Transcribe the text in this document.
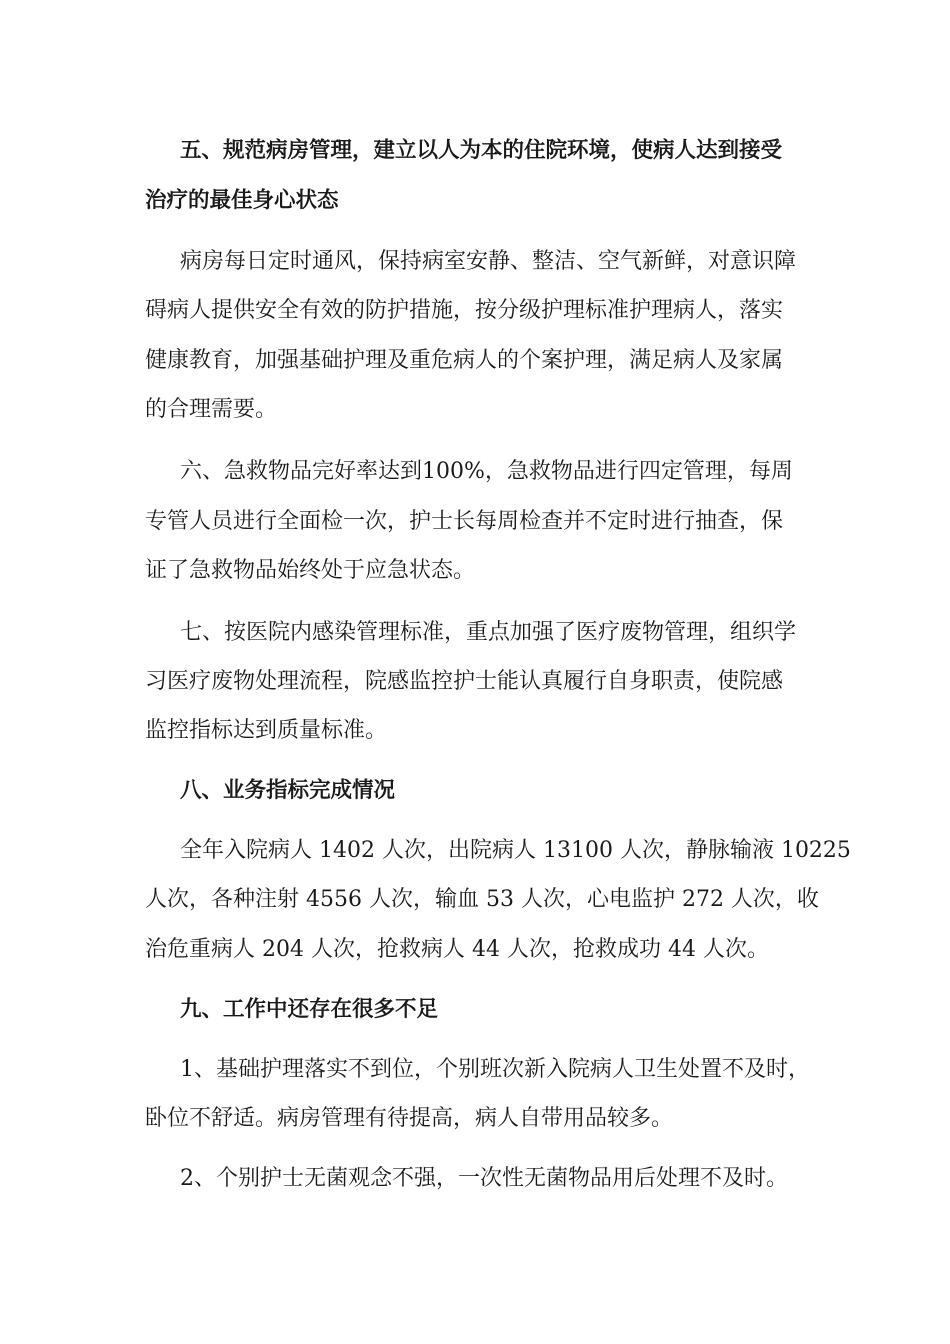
五、规范病房管理，建立以人为本的住院环境，使病人达到接受

治疗的最佳身心状态

病房每日定时通风，保持病室安静、整洁、空气新鲜，对意识障

碍病人提供安全有效的防护措施，按分级护理标准护理病人，落实

健康教育，加强基础护理及重危病人的个案护理，满足病人及家属

的合理需要。

六、急救物品完好率达到100%，急救物品进行四定管理，每周

专管人员进行全面检一次，护士长每周检查并不定时进行抽查，保

证了急救物品始终处于应急状态。

七、按医院内感染管理标准，重点加强了医疗废物管理，组织学

习医疗废物处理流程，院感监控护士能认真履行自身职责，使院感

监控指标达到质量标准。

八、业务指标完成情况

全年入院病人 1402 人次，出院病人 13100 人次，静脉输液 10225

人次，各种注射 4556 人次，输血 53 人次，心电监护 272 人次，收

治危重病人 204 人次，抢救病人 44 人次，抢救成功 44 人次。

九、工作中还存在很多不足

1、基础护理落实不到位，个别班次新入院病人卫生处置不及时，

卧位不舒适。病房管理有待提高，病人自带用品较多。

2、个别护士无菌观念不强，一次性无菌物品用后处理不及时。
